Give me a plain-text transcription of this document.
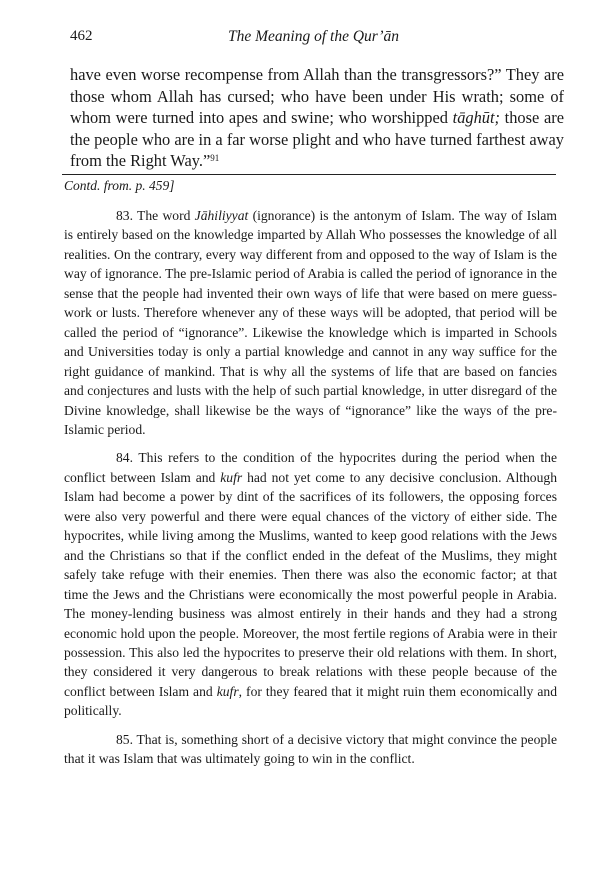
462	The Meaning of the Qur’ān

have even worse recompense from Allah than the transgressors?” They are those whom Allah has cursed; who have been under His wrath; some of whom were turned into apes and swine; who worshipped tāghūt; those are the people who are in a far worse plight and who have turned farthest away from the Right Way.”$^{91}$

Contd. from. p. 459]

83. The word Jāhiliyyat (ignorance) is the antonym of Islam. The way of Islam is entirely based on the knowledge imparted by Allah Who possesses the knowledge of all realities. On the contrary, every way different from and opposed to the way of Islam is the way of ignorance. The pre-Islamic period of Arabia is called the period of ignorance in the sense that the people had invented their own ways of life that were based on mere guess-work or lusts. Therefore whenever any of these ways will be adopted, that period will be called the period of “ignorance”. Likewise the knowledge which is imparted in Schools and Universities today is only a partial knowledge and cannot in any way suffice for the right guidance of mankind. That is why all the systems of life that are based on fancies and conjectures and lusts with the help of such partial knowledge, in utter disregard of the Divine knowledge, shall likewise be the ways of “ignorance” like the ways of the pre-Islamic period.

84. This refers to the condition of the hypocrites during the period when the conflict between Islam and kufr had not yet come to any decisive conclusion. Although Islam had become a power by dint of the sacrifices of its followers, the opposing forces were also very powerful and there were equal chances of the victory of either side. The hypocrites, while living among the Muslims, wanted to keep good relations with the Jews and the Christians so that if the conflict ended in the defeat of the Muslims, they might safely take refuge with their enemies. Then there was also the economic factor; at that time the Jews and the Christians were economically the most powerful people in Arabia. The money-lending business was almost entirely in their hands and they had a strong economic hold upon the people. Moreover, the most fertile regions of Arabia were in their possession. This also led the hypocrites to preserve their old relations with them. In short, they considered it very dangerous to break relations with these people because of the conflict between Islam and kufr, for they feared that it might ruin them economically and politically.

85. That is, something short of a decisive victory that might convince the people that it was Islam that was ultimately going to win in the conflict.
